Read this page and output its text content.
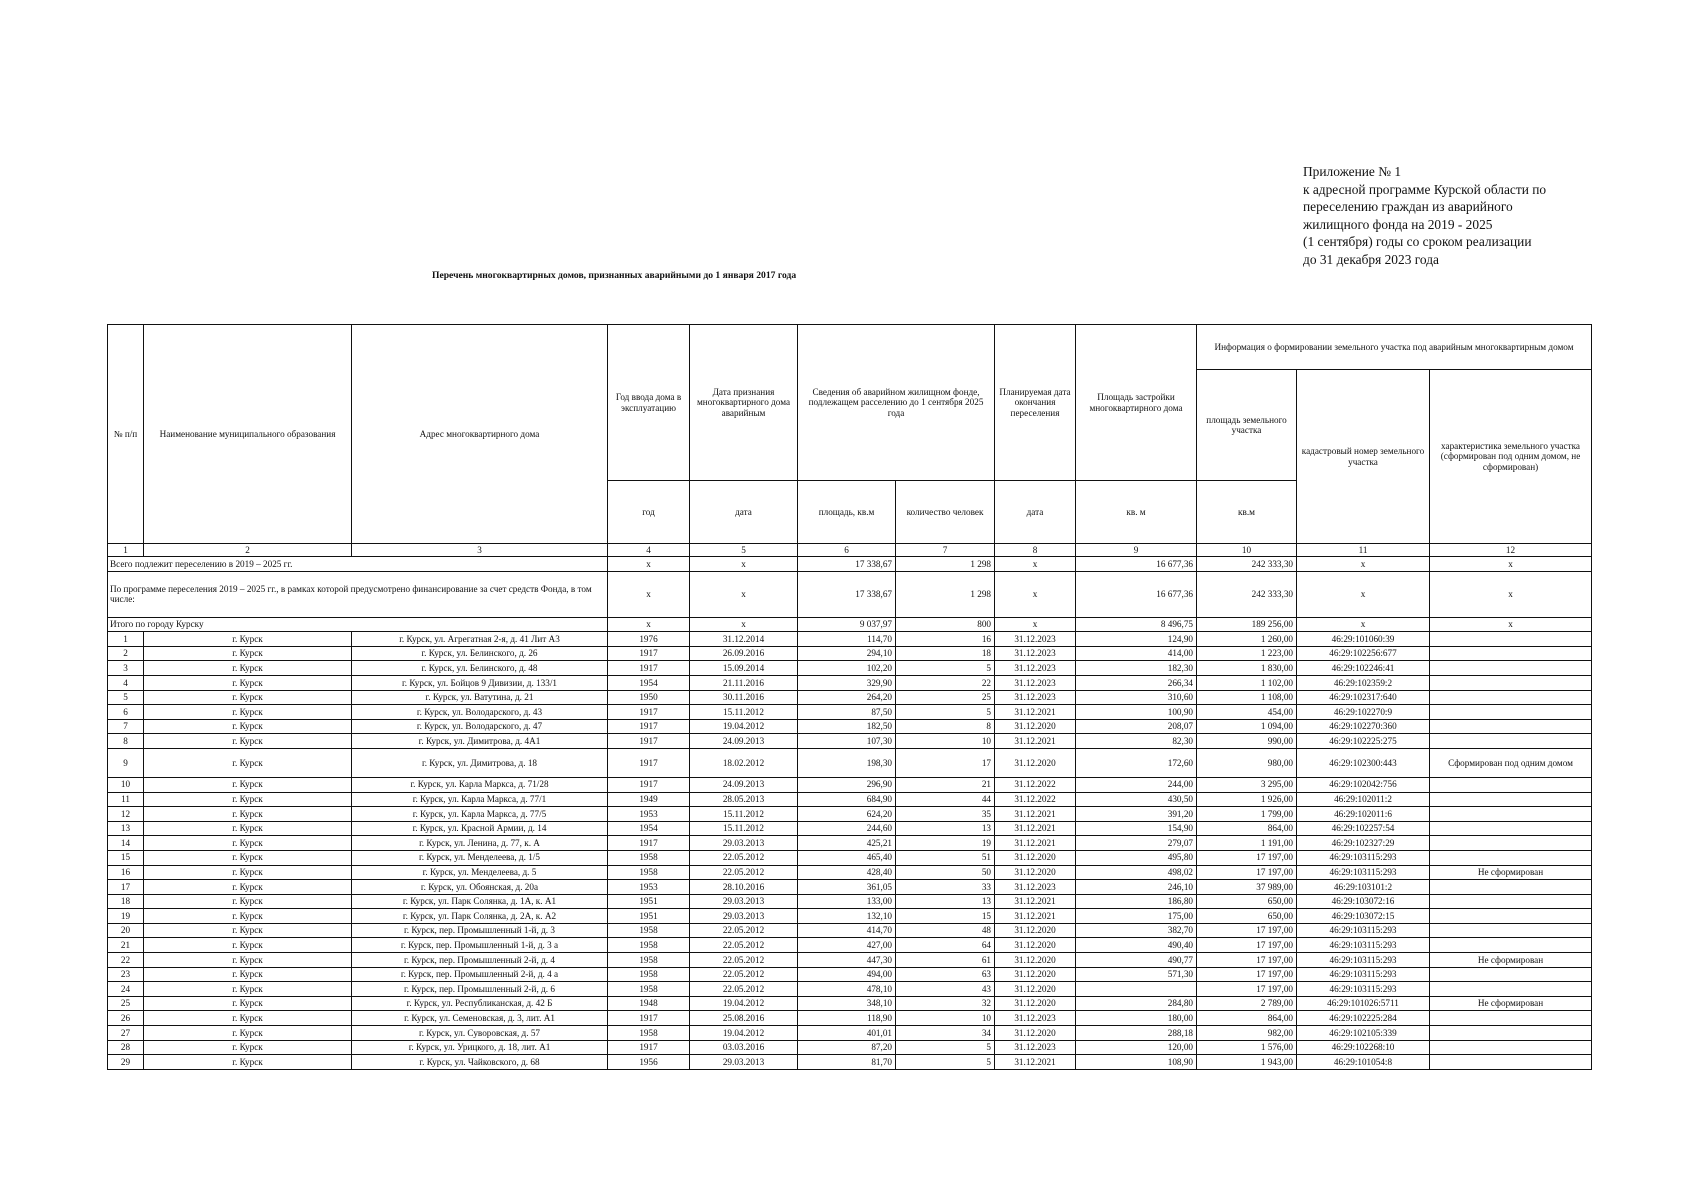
Приложение № 1
к адресной программе Курской области по
переселению граждан из аварийного
жилищного фонда на 2019 - 2025
(1 сентября) годы со сроком реализации
до 31 декабря 2023 года
Перечень многоквартирных домов, признанных аварийными до 1 января 2017 года
№ п/п	Наименование муниципального образования	Адрес многоквартирного дома	Год ввода дома в эксплуатацию	Дата признания многоквартирного дома аварийным	Сведения об аварийном жилищном фонде, подлежащем расселению до 1 сентября 2025 года		Планируемая дата окончания переселения	Площадь застройки многоквартирного дома	Информация о формировании земельного участка под аварийным многоквартирным домом		
									площадь земельного участка	кадастровый номер земельного участка	характеристика земельного участка (сформирован под одним домом, не сформирован)
			год	дата	площадь, кв.м	количество человек	дата	кв. м	кв.м		
1	2	3	4	5	6	7	8	9	10	11	12
Всего подлежит переселению в 2019 – 2025 гг.			x	x	17 338,67	1 298	x	16 677,36	242 333,30	x	x
По программе переселения 2019 – 2025 гг., в рамках которой предусмотрено финансирование за счет средств Фонда, в том числе:			x	x	17 338,67	1 298	x	16 677,36	242 333,30	x	x
Итого по городу Курску			x	x	9 037,97	800	x	8 496,75	189 256,00	x	x
1	г. Курск	г. Курск, ул. Агрегатная 2-я, д. 41 Лит А3	1976	31.12.2014	114,70	16	31.12.2023	124,90	1 260,00	46:29:101060:39	
2	г. Курск	г. Курск, ул. Белинского, д. 26	1917	26.09.2016	294,10	18	31.12.2023	414,00	1 223,00	46:29:102256:677	
3	г. Курск	г. Курск, ул. Белинского, д. 48	1917	15.09.2014	102,20	5	31.12.2023	182,30	1 830,00	46:29:102246:41	
4	г. Курск	г. Курск, ул. Бойцов 9 Дивизии, д. 133/1	1954	21.11.2016	329,90	22	31.12.2023	266,34	1 102,00	46:29:102359:2	
5	г. Курск	г. Курск, ул. Ватутина, д. 21	1950	30.11.2016	264,20	25	31.12.2023	310,60	1 108,00	46:29:102317:640	
6	г. Курск	г. Курск, ул. Володарского, д. 43	1917	15.11.2012	87,50	5	31.12.2021	100,90	454,00	46:29:102270:9	
7	г. Курск	г. Курск, ул. Володарского, д. 47	1917	19.04.2012	182,50	8	31.12.2020	208,07	1 094,00	46:29:102270:360	
8	г. Курск	г. Курск, ул. Димитрова, д. 4А1	1917	24.09.2013	107,30	10	31.12.2021	82,30	990,00	46:29:102225:275	
9	г. Курск	г. Курск, ул. Димитрова, д. 18	1917	18.02.2012	198,30	17	31.12.2020	172,60	980,00	46:29:102300:443	Сформирован под одним домом
10	г. Курск	г. Курск, ул. Карла Маркса, д. 71/28	1917	24.09.2013	296,90	21	31.12.2022	244,00	3 295,00	46:29:102042:756	
11	г. Курск	г. Курск, ул. Карла Маркса, д. 77/1	1949	28.05.2013	684,90	44	31.12.2022	430,50	1 926,00	46:29:102011:2	
12	г. Курск	г. Курск, ул. Карла Маркса, д. 77/5	1953	15.11.2012	624,20	35	31.12.2021	391,20	1 799,00	46:29:102011:6	
13	г. Курск	г. Курск, ул. Красной Армии, д. 14	1954	15.11.2012	244,60	13	31.12.2021	154,90	864,00	46:29:102257:54	
14	г. Курск	г. Курск, ул. Ленина, д. 77, к. А	1917	29.03.2013	425,21	19	31.12.2021	279,07	1 191,00	46:29:102327:29	
15	г. Курск	г. Курск, ул. Менделеева, д. 1/5	1958	22.05.2012	465,40	51	31.12.2020	495,80	17 197,00	46:29:103115:293	
16	г. Курск	г. Курск, ул. Менделеева, д. 5	1958	22.05.2012	428,40	50	31.12.2020	498,02	17 197,00	46:29:103115:293	Не сформирован
17	г. Курск	г. Курск, ул. Обоянская, д. 20а	1953	28.10.2016	361,05	33	31.12.2023	246,10	37 989,00	46:29:103101:2	
18	г. Курск	г. Курск, ул. Парк Солянка, д. 1А, к. А1	1951	29.03.2013	133,00	13	31.12.2021	186,80	650,00	46:29:103072:16	
19	г. Курск	г. Курск, ул. Парк Солянка, д. 2А, к. А2	1951	29.03.2013	132,10	15	31.12.2021	175,00	650,00	46:29:103072:15	
20	г. Курск	г. Курск, пер. Промышленный 1-й, д. 3	1958	22.05.2012	414,70	48	31.12.2020	382,70	17 197,00	46:29:103115:293	
21	г. Курск	г. Курск, пер. Промышленный 1-й, д. 3 а	1958	22.05.2012	427,00	64	31.12.2020	490,40	17 197,00	46:29:103115:293	
22	г. Курск	г. Курск, пер. Промышленный 2-й, д. 4	1958	22.05.2012	447,30	61	31.12.2020	490,77	17 197,00	46:29:103115:293	Не сформирован
23	г. Курск	г. Курск, пер. Промышленный 2-й, д. 4 а	1958	22.05.2012	494,00	63	31.12.2020	571,30	17 197,00	46:29:103115:293	
24	г. Курск	г. Курск, пер. Промышленный 2-й, д. 6	1958	22.05.2012	478,10	43	31.12.2020		17 197,00	46:29:103115:293	
25	г. Курск	г. Курск, ул. Республиканская, д. 42 Б	1948	19.04.2012	348,10	32	31.12.2020	284,80	2 789,00	46:29:101026:5711	Не сформирован
26	г. Курск	г. Курск, ул. Семеновская, д. 3, лит. А1	1917	25.08.2016	118,90	10	31.12.2023	180,00	864,00	46:29:102225:284	
27	г. Курск	г. Курск, ул. Суворовская, д. 57	1958	19.04.2012	401,01	34	31.12.2020	288,18	982,00	46:29:102105:339	
28	г. Курск	г. Курск, ул. Урицкого, д. 18, лит. А1	1917	03.03.2016	87,20	5	31.12.2023	120,00	1 576,00	46:29:102268:10	
29	г. Курск	г. Курск, ул. Чайковского, д. 68	1956	29.03.2013	81,70	5	31.12.2021	108,90	1 943,00	46:29:101054:8	
